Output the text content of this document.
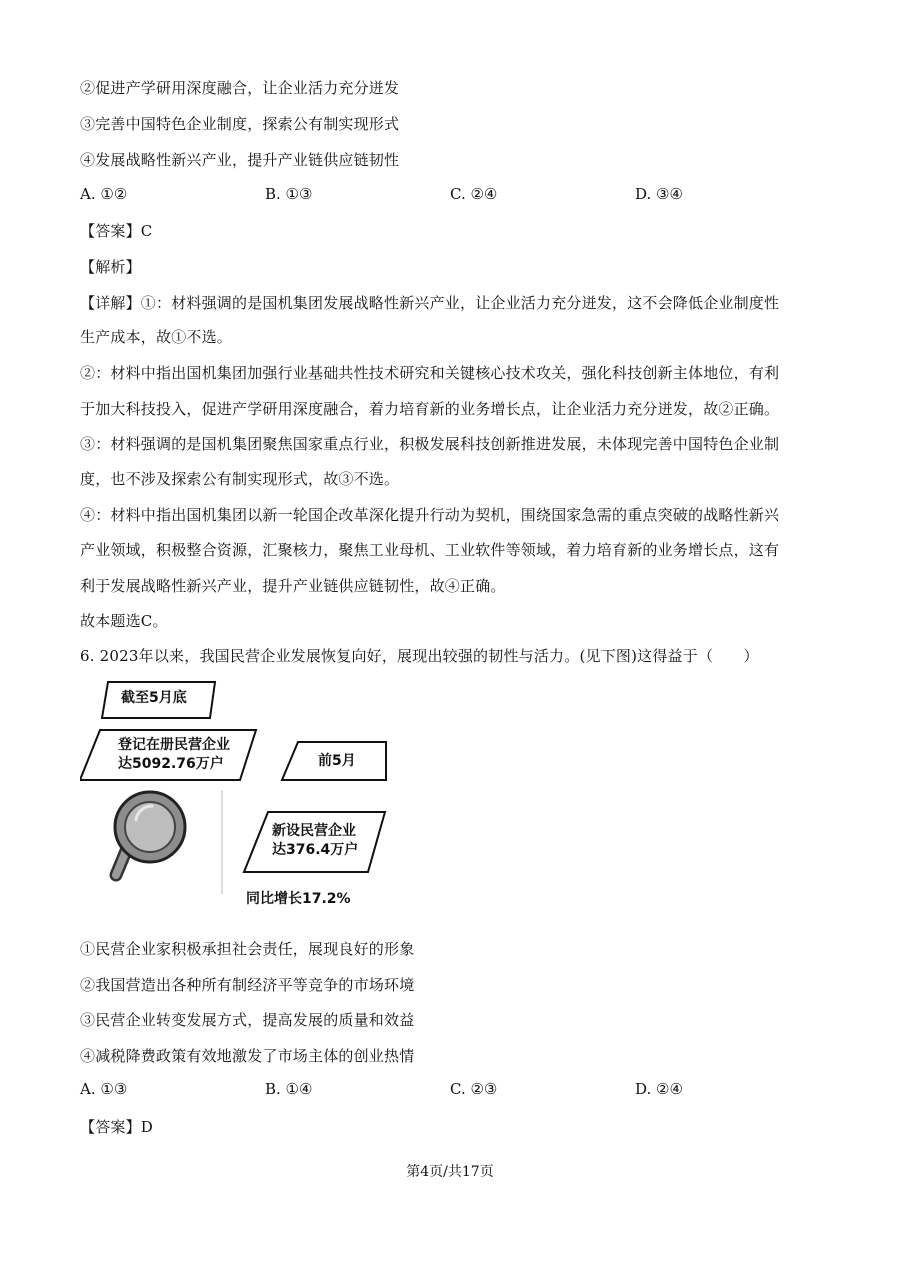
②促进产学研用深度融合，让企业活力充分迸发
③完善中国特色企业制度，探索公有制实现形式
④发展战略性新兴产业，提升产业链供应链韧性
A. ①②	B. ①③	C. ②④	D. ③④
【答案】C
【解析】
【详解】①：材料强调的是国机集团发展战略性新兴产业，让企业活力充分迸发，这不会降低企业制度性
生产成本，故①不选。
②：材料中指出国机集团加强行业基础共性技术研究和关键核心技术攻关，强化科技创新主体地位，有利
于加大科技投入，促进产学研用深度融合，着力培育新的业务增长点，让企业活力充分迸发，故②正确。
③：材料强调的是国机集团聚焦国家重点行业，积极发展科技创新推进发展，未体现完善中国特色企业制
度，也不涉及探索公有制实现形式，故③不选。
④：材料中指出国机集团以新一轮国企改革深化提升行动为契机，围绕国家急需的重点突破的战略性新兴
产业领域，积极整合资源，汇聚核力，聚焦工业母机、工业软件等领域，着力培育新的业务增长点，这有
利于发展战略性新兴产业，提升产业链供应链韧性，故④正确。
故本题选C。
6. 2023年以来，我国民营企业发展恢复向好，展现出较强的韧性与活力。(见下图)这得益于（　　）
截至5月底
登记在册民营企业
达5092.76万户	前5月
新设民营企业
达376.4万户
同比增长17.2%
①民营企业家积极承担社会责任，展现良好的形象
②我国营造出各种所有制经济平等竞争的市场环境
③民营企业转变发展方式，提高发展的质量和效益
④减税降费政策有效地激发了市场主体的创业热情
A. ①③	B. ①④	C. ②③	D. ②④
【答案】D
第4页/共17页
